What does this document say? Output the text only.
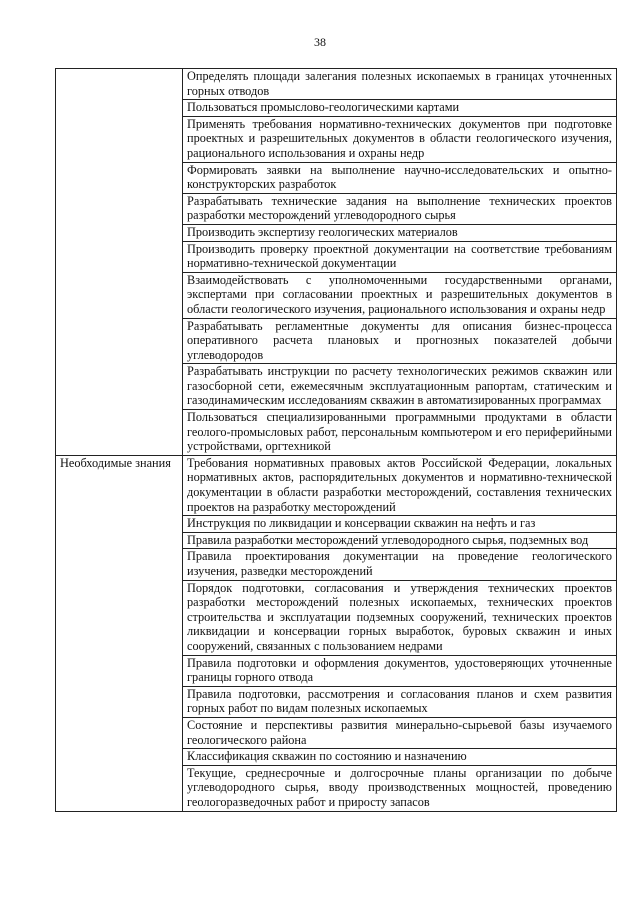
38
	Определять площади залегания полезных ископаемых в границах уточненных горных отводов
	Пользоваться промыслово-геологическими картами
	Применять требования нормативно-технических документов при подготовке проектных и разрешительных документов в области геологического изучения, рационального использования и охраны недр
	Формировать заявки на выполнение научно-исследовательских и опытно-конструкторских разработок
	Разрабатывать технические задания на выполнение технических проектов разработки месторождений углеводородного сырья
	Производить экспертизу геологических материалов
	Производить проверку проектной документации на соответствие требованиям нормативно-технической документации
	Взаимодействовать с уполномоченными государственными органами, экспертами при согласовании проектных и разрешительных документов в области геологического изучения, рационального использования и охраны недр
	Разрабатывать регламентные документы для описания бизнес-процесса оперативного расчета плановых и прогнозных показателей добычи углеводородов
	Разрабатывать инструкции по расчету технологических режимов скважин или газосборной сети, ежемесячным эксплуатационным рапортам, статическим и газодинамическим исследованиям скважин в автоматизированных программах
	Пользоваться специализированными программными продуктами в области геолого-промысловых работ, персональным компьютером и его периферийными устройствами, оргтехникой
Необходимые знания	Требования нормативных правовых актов Российской Федерации, локальных нормативных актов, распорядительных документов и нормативно-технической документации в области разработки месторождений, составления технических проектов на разработку месторождений
	Инструкция по ликвидации и консервации скважин на нефть и газ
	Правила разработки месторождений углеводородного сырья, подземных вод
	Правила проектирования документации на проведение геологического изучения, разведки месторождений
	Порядок подготовки, согласования и утверждения технических проектов разработки месторождений полезных ископаемых, технических проектов строительства и эксплуатации подземных сооружений, технических проектов ликвидации и консервации горных выработок, буровых скважин и иных сооружений, связанных с пользованием недрами
	Правила подготовки и оформления документов, удостоверяющих уточненные границы горного отвода
	Правила подготовки, рассмотрения и согласования планов и схем развития горных работ по видам полезных ископаемых
	Состояние и перспективы развития минерально-сырьевой базы изучаемого геологического района
	Классификация скважин по состоянию и назначению
	Текущие, среднесрочные и долгосрочные планы организации по добыче углеводородного сырья, вводу производственных мощностей, проведению геологоразведочных работ и приросту запасов
